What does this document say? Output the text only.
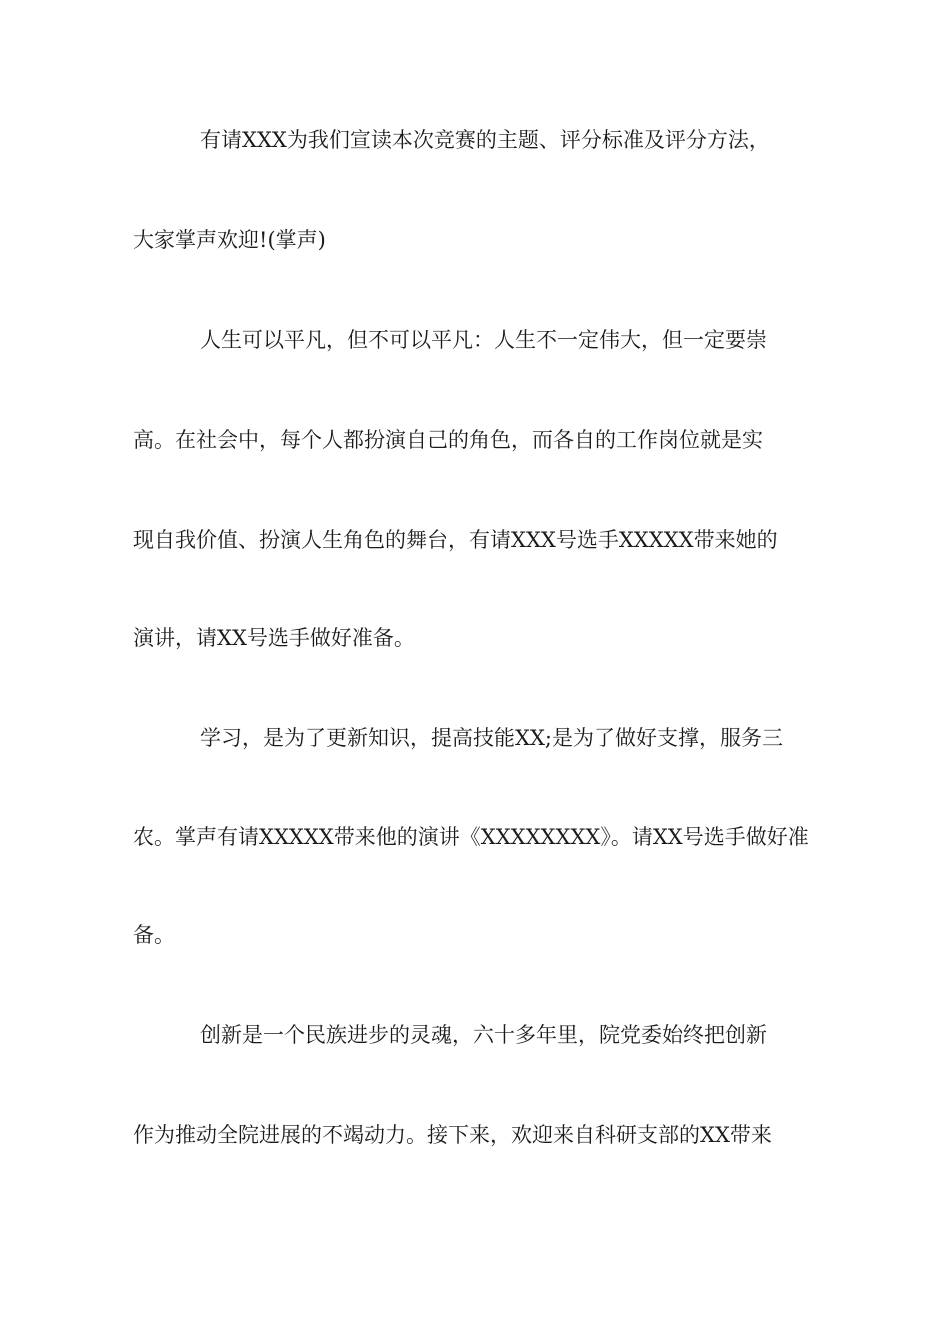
有请XXX为我们宣读本次竞赛的主题、评分标准及评分方法，
大家掌声欢迎!(掌声)
人生可以平凡，但不可以平凡：人生不一定伟大，但一定要崇
高。在社会中，每个人都扮演自己的角色，而各自的工作岗位就是实
现自我价值、扮演人生角色的舞台，有请XXX号选手XXXXX带来她的
演讲，请XX号选手做好准备。
学习，是为了更新知识，提高技能XX;是为了做好支撑，服务三
农。掌声有请XXXXX带来他的演讲《XXXXXXXX》。请XX号选手做好准
备。
创新是一个民族进步的灵魂，六十多年里，院党委始终把创新
作为推动全院进展的不竭动力。接下来，欢迎来自科研支部的XX带来
